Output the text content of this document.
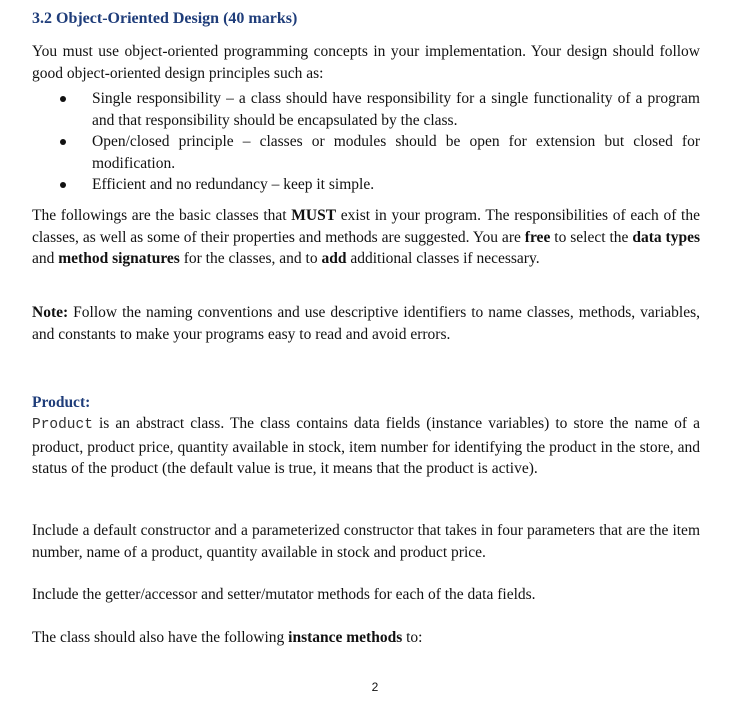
3.2 Object-Oriented Design (40 marks)

You must use object-oriented programming concepts in your implementation. Your design should follow good object-oriented design principles such as:

Single responsibility – a class should have responsibility for a single functionality of a program and that responsibility should be encapsulated by the class.
Open/closed principle – classes or modules should be open for extension but closed for modification.
Efficient and no redundancy – keep it simple.

The followings are the basic classes that MUST exist in your program. The responsibilities of each of the classes, as well as some of their properties and methods are suggested. You are free to select the data types and method signatures for the classes, and to add additional classes if necessary.

Note: Follow the naming conventions and use descriptive identifiers to name classes, methods, variables, and constants to make your programs easy to read and avoid errors.

Product:

Product is an abstract class. The class contains data fields (instance variables) to store the name of a product, product price, quantity available in stock, item number for identifying the product in the store, and status of the product (the default value is true, it means that the product is active).

Include a default constructor and a parameterized constructor that takes in four parameters that are the item number, name of a product, quantity available in stock and product price.

Include the getter/accessor and setter/mutator methods for each of the data fields.

The class should also have the following instance methods to:

2
